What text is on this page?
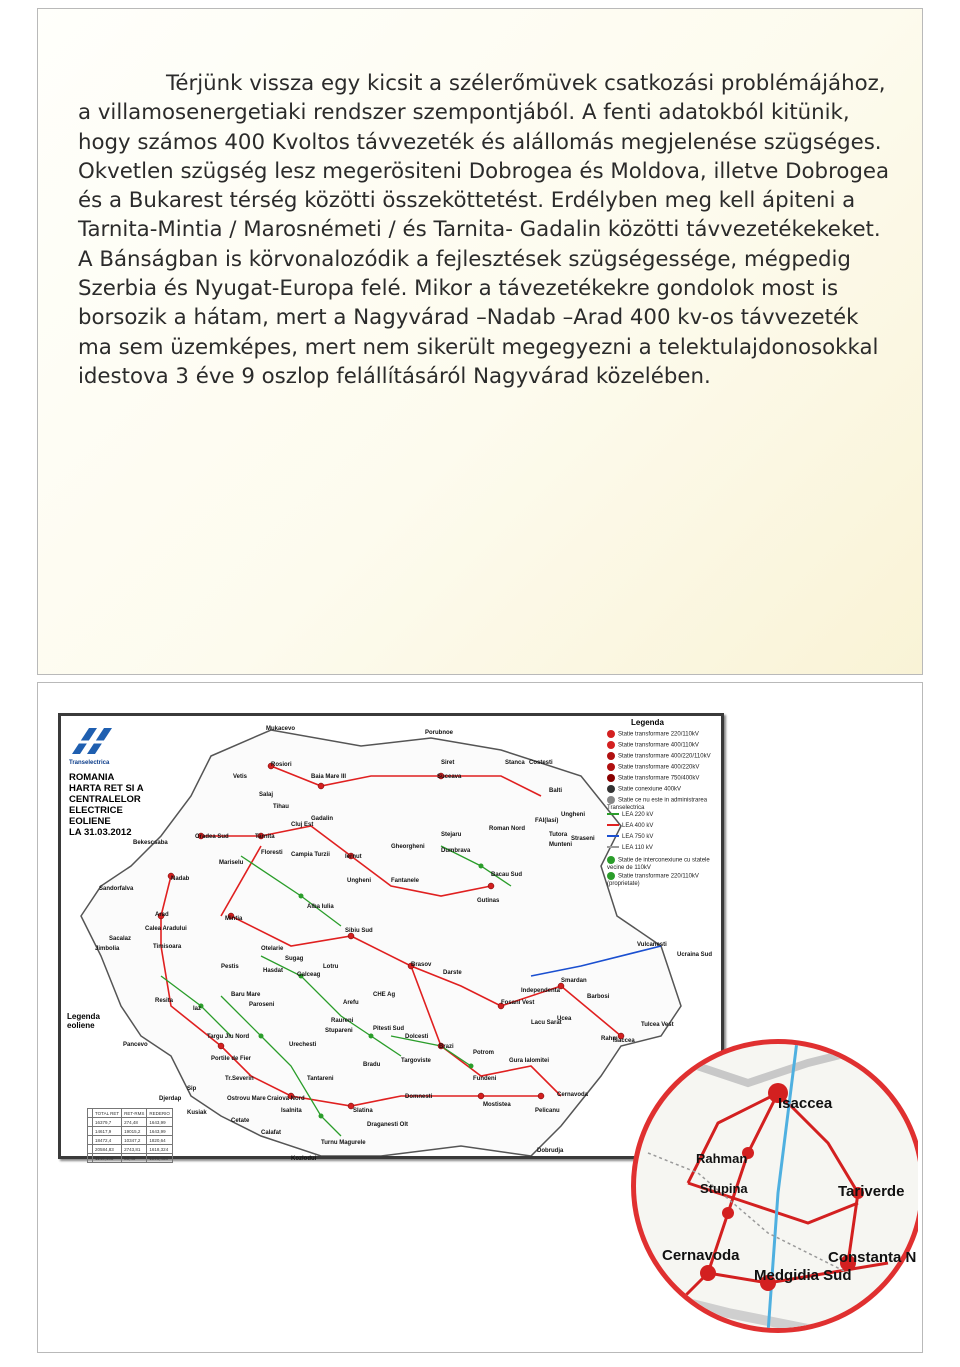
Térjünk vissza egy kicsit a szélerőmüvek csatkozási problémájához, a villamosenergetiaki rendszer szempontjából. A fenti adatokból kitünik, hogy számos 400 Kvoltos távvezeték és alállomás megjelenése szügséges. Okvetlen szügség lesz megerösiteni Dobrogea és Moldova, illetve Dobrogea és a Bukarest térség közötti összeköttetést. Erdélyben meg kell ápiteni a Tarnita-Mintia / Marosnémeti / és Tarnita- Gadalin közötti távvezetékekeket. A Bánságban is körvonalozódik a fejlesztések szügségessége, mégpedig Szerbia és Nyugat-Europa felé. Mikor a távezetékekre gondolok most is borsozik a hátam, mert a Nagyvárad –Nadab –Arad 400 kv-os távvezeték ma sem üzemképes, mert nem sikerült megegyezni a telektulajdonosokkal idestova 3 éve 9 oszlop felállításáról Nagyvárad közelében.

Transelectrica
ROMANIA
HARTA RET SI A
CENTRALELOR
ELECTRICE
EOLIENE
LA 31.03.2012
Legenda
Statie transformare 220/110kV
Statie transformare 400/110kV
Statie transformare 400/220/110kV
Statie transformare 400/220kV
Statie transformare 750/400kV
Statie conexiune 400kV
Statie ce nu este in administrarea Transelectrica
LEA 220 kV
LEA 400 kV
LEA 750 kV
LEA 110 kV
Statie de interconexiune cu statele vecine de 110kV
Statie transformare 220/110kV (proprietate)
Legenda
eoliene
Mukacevo
Porubnoe
Rosiori
Vetis	Baia Mare III
Siret
Suceava
Stanca Costesti
Balti
Tihau
Salaj
Gadalin
Oradea Sud	Tarnita
Cluj Est
Floresti Campia Turzii	Iernut
Stejaru
Roman Nord
Gheorgheni
Dumbrava
Ungheni
FAI(Iasi)
Tutora
Munteni
Straseni
Mariselu
Bekescsaba
Nadab	Ungheni	Fantanele
Bacau Sud
Sandorfalva
Alba Iulia
Gutinas
Arad
Mintia
Calea Aradului	Sibiu Sud
Sacalaz
Jimbolia	Timisoara	Otelarie
Sugag
Pestis
Hasdat
Galceag
Lotru	Brasov
Darste
Baru Mare
Paroseni
CHE Ag
Resita
Iaz
Arefu
Raureni
Stupareni	Pitesti Sud
Fosani Vest
Independenta
Smardan
Barbosi
Pancevo
Targu Jiu Nord
Urechesti
Dolcesti
Brazi
Potrom
Lacu Sarat
Ucea
Tulcea Vest
Isaccea
Portile de Fier
Bradu
Targoviste	Gura Ialomitei
Rahm
Tr.Severin	Tantareni	Fundeni
Sip
Djerdap	Ostrovu Mare	Domnesti	Cernavoda
Kusiak
Cetate
Craiova Nord
Slatina
Mostistea
Pelicanu
Isalnita
Calafat
Draganesti Olt
Turnu Magurele
Dobrudja
Kozlodui
Vulcanesti
Ucraina Sud
	TOTAL RET	RET-RMS	REDERIO
	16379,7	274,48	1643,99
	14617,9	19015,2	1643,99
	18472,4	10347,2	1820,64
	20584,83	2743,81	1618,324
	1146,408	80,49	1146,408
Isaccea
Rahman
Stupina	Tariverde
Cernavoda	Constanta N
Medgidia Sud
